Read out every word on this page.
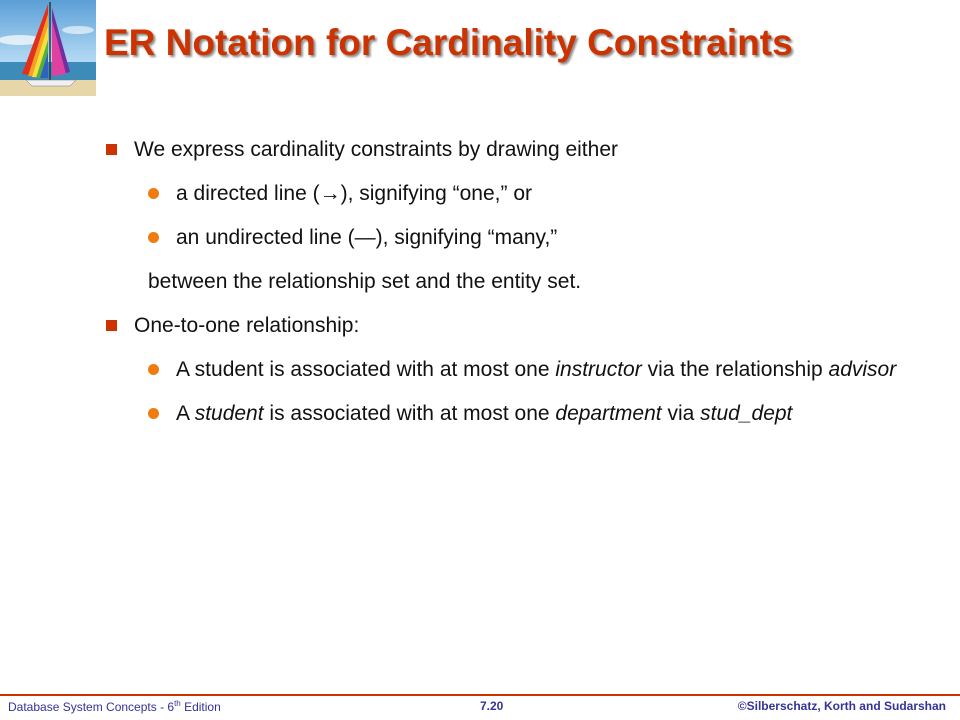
ER Notation for Cardinality Constraints
We express cardinality constraints by drawing either
a directed line (→), signifying “one,” or
an undirected line (—), signifying “many,”
between the relationship set and the entity set.
One-to-one relationship:
A student is associated with at most one instructor via the relationship advisor
A student is associated with at most one department via stud_dept
Database System Concepts - 6th Edition	7.20	©Silberschatz, Korth and Sudarshan
